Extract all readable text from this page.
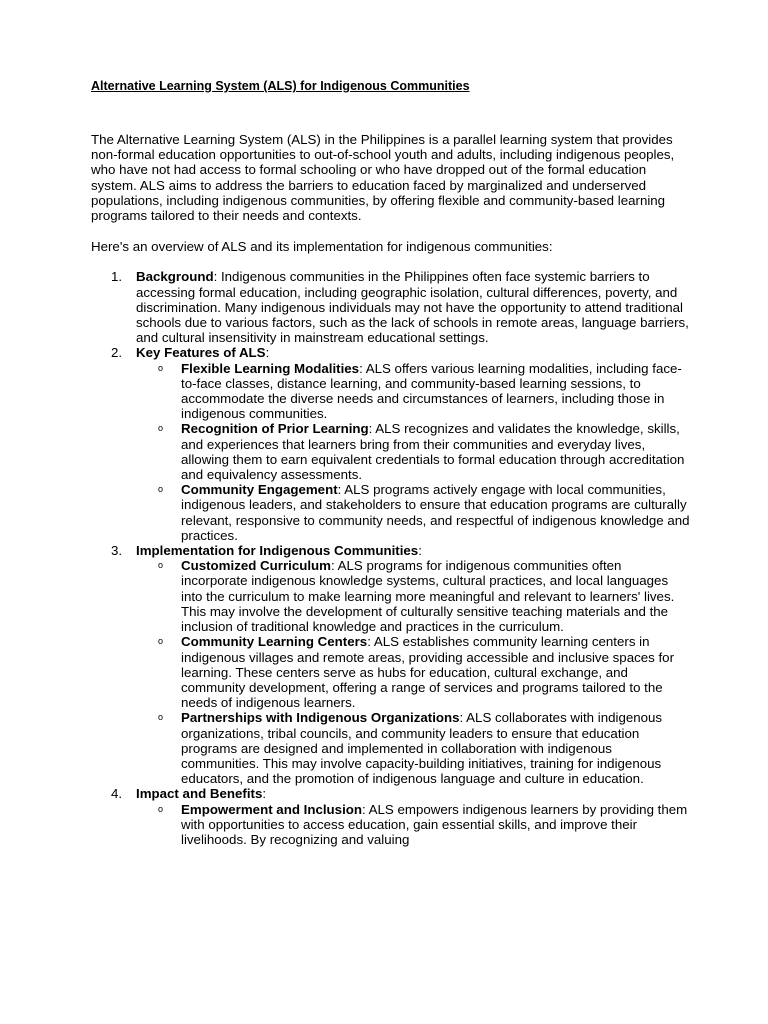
Alternative Learning System (ALS) for Indigenous Communities

The Alternative Learning System (ALS) in the Philippines is a parallel learning system that provides non-formal education opportunities to out-of-school youth and adults, including indigenous peoples, who have not had access to formal schooling or who have dropped out of the formal education system. ALS aims to address the barriers to education faced by marginalized and underserved populations, including indigenous communities, by offering flexible and community-based learning programs tailored to their needs and contexts.

Here's an overview of ALS and its implementation for indigenous communities:

1. Background: Indigenous communities in the Philippines often face systemic barriers to accessing formal education, including geographic isolation, cultural differences, poverty, and discrimination. Many indigenous individuals may not have the opportunity to attend traditional schools due to various factors, such as the lack of schools in remote areas, language barriers, and cultural insensitivity in mainstream educational settings.
2. Key Features of ALS:
o Flexible Learning Modalities: ALS offers various learning modalities, including face-to-face classes, distance learning, and community-based learning sessions, to accommodate the diverse needs and circumstances of learners, including those in indigenous communities.
o Recognition of Prior Learning: ALS recognizes and validates the knowledge, skills, and experiences that learners bring from their communities and everyday lives, allowing them to earn equivalent credentials to formal education through accreditation and equivalency assessments.
o Community Engagement: ALS programs actively engage with local communities, indigenous leaders, and stakeholders to ensure that education programs are culturally relevant, responsive to community needs, and respectful of indigenous knowledge and practices.
3. Implementation for Indigenous Communities:
o Customized Curriculum: ALS programs for indigenous communities often incorporate indigenous knowledge systems, cultural practices, and local languages into the curriculum to make learning more meaningful and relevant to learners' lives. This may involve the development of culturally sensitive teaching materials and the inclusion of traditional knowledge and practices in the curriculum.
o Community Learning Centers: ALS establishes community learning centers in indigenous villages and remote areas, providing accessible and inclusive spaces for learning. These centers serve as hubs for education, cultural exchange, and community development, offering a range of services and programs tailored to the needs of indigenous learners.
o Partnerships with Indigenous Organizations: ALS collaborates with indigenous organizations, tribal councils, and community leaders to ensure that education programs are designed and implemented in collaboration with indigenous communities. This may involve capacity-building initiatives, training for indigenous educators, and the promotion of indigenous language and culture in education.
4. Impact and Benefits:
o Empowerment and Inclusion: ALS empowers indigenous learners by providing them with opportunities to access education, gain essential skills, and improve their livelihoods. By recognizing and valuing
